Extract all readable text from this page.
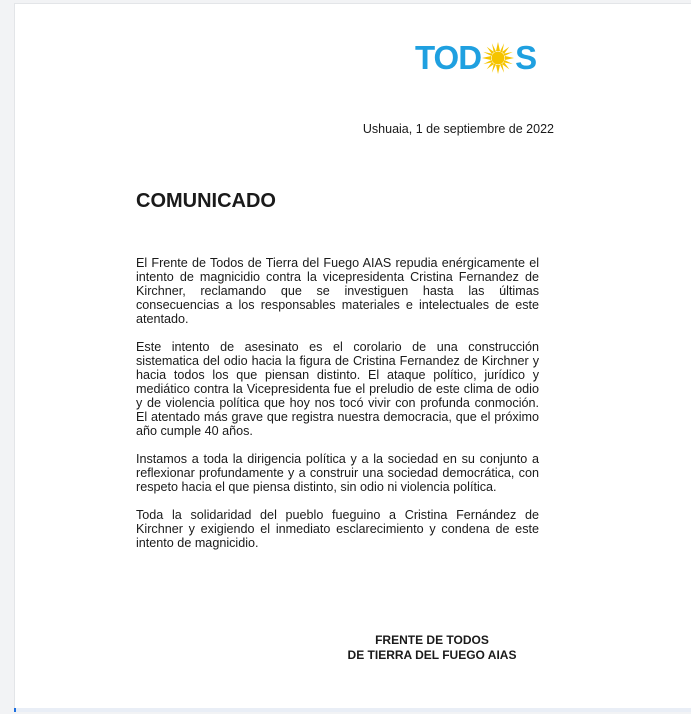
TOD S
Ushuaia, 1 de septiembre de 2022
COMUNICADO

El Frente de Todos de Tierra del Fuego AIAS repudia enérgicamente el intento de magnicidio contra la vicepresidenta Cristina Fernandez de Kirchner, reclamando que se investiguen hasta las últimas consecuencias a los responsables materiales e intelectuales de este atentado.

Este intento de asesinato es el corolario de una construcción sistematica del odio hacia la figura de Cristina Fernandez de Kirchner y hacia todos los que piensan distinto. El ataque político, jurídico y mediático contra la Vicepresidenta fue el preludio de este clima de odio y de violencia política que hoy nos tocó vivir con profunda conmoción. El atentado más grave que registra nuestra democracia, que el próximo año cumple 40 años.

Instamos a toda la dirigencia política y a la sociedad en su conjunto a reflexionar profundamente y a construir una sociedad democrática, con respeto hacia el que piensa distinto, sin odio ni violencia política.

Toda la solidaridad del pueblo fueguino a Cristina Fernández de Kirchner y exigiendo el inmediato esclarecimiento y condena de este intento de magnicidio.

FRENTE DE TODOS
DE TIERRA DEL FUEGO AIAS
